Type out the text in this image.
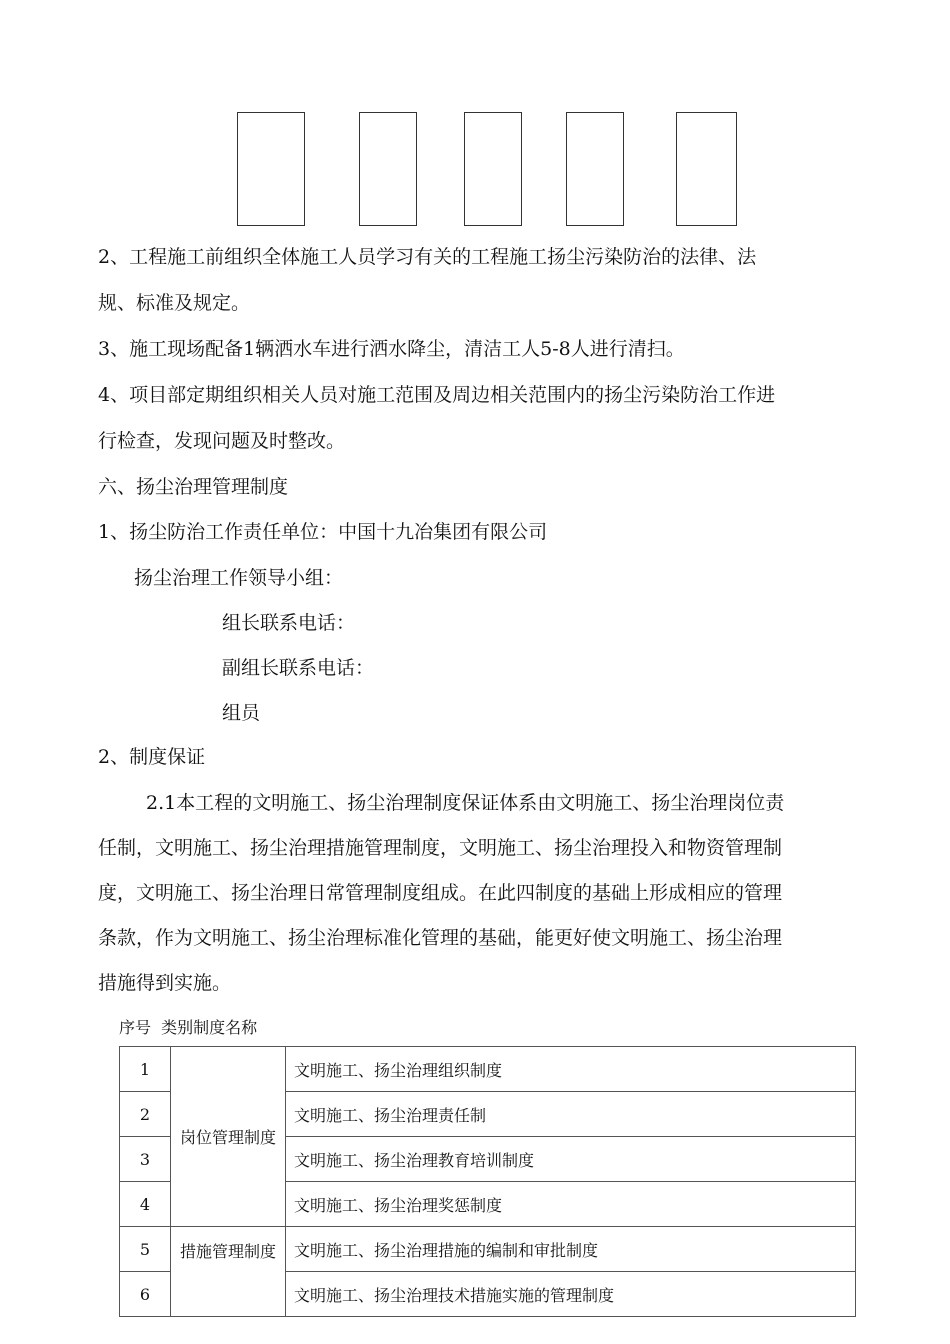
2、工程施工前组织全体施工人员学习有关的工程施工扬尘污染防治的法律、法
规、标准及规定。
3、施工现场配备1辆洒水车进行洒水降尘，清洁工人5-8人进行清扫。
4、项目部定期组织相关人员对施工范围及周边相关范围内的扬尘污染防治工作进
行检查，发现问题及时整改。
六、扬尘治理管理制度
1、扬尘防治工作责任单位：中国十九冶集团有限公司
扬尘治理工作领导小组：
组长联系电话：
副组长联系电话：
组员
2、制度保证
2.1本工程的文明施工、扬尘治理制度保证体系由文明施工、扬尘治理岗位责
任制，文明施工、扬尘治理措施管理制度，文明施工、扬尘治理投入和物资管理制
度，文明施工、扬尘治理日常管理制度组成。在此四制度的基础上形成相应的管理
条款，作为文明施工、扬尘治理标准化管理的基础，能更好使文明施工、扬尘治理
措施得到实施。
序号  类别制度名称
1	岗位管理制度	文明施工、扬尘治理组织制度
2		文明施工、扬尘治理责任制
3		文明施工、扬尘治理教育培训制度
4		文明施工、扬尘治理奖惩制度
5	措施管理制度	文明施工、扬尘治理措施的编制和审批制度
6		文明施工、扬尘治理技术措施实施的管理制度
